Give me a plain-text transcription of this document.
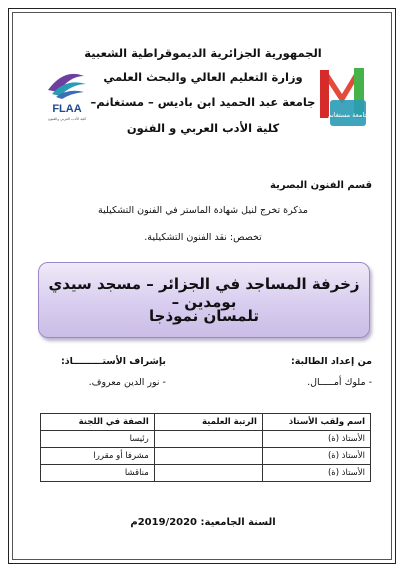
الجمهورية الجزائرية الديموقراطية الشعبية
وزارة التعليم العالي والبحث العلمي
جامعة عبد الحميد ابن باديس – مستغانم–
كلية الأدب العربي و الفنون
FLAA
كلية الأدب العربي والفنون	جامعة مستغانم
قسم الفنون البصرية
مذكرة تخرج لنيل شهادة الماستر في الفنون التشكيلية
تخصص: نقد الفنون التشكيلية.
زخرفة المساجد في الجزائر – مسجد سيدي بومدين –
تلمسان نموذجا
من إعداد الطالبة:
- ملوك أمـــــال.
بإشراف الأستـــــــــاذ:
- نور الدين معروف.
اسم ولقب الأستاذ	الرتبة العلمية	الصفة في اللجنة
الأستاذ (ة)		رئيسا
الأستاذ (ة)		مشرفا أو مقررا
الأستاذ (ة)		مناقشا
السنة الجامعية: 2019/2020م
